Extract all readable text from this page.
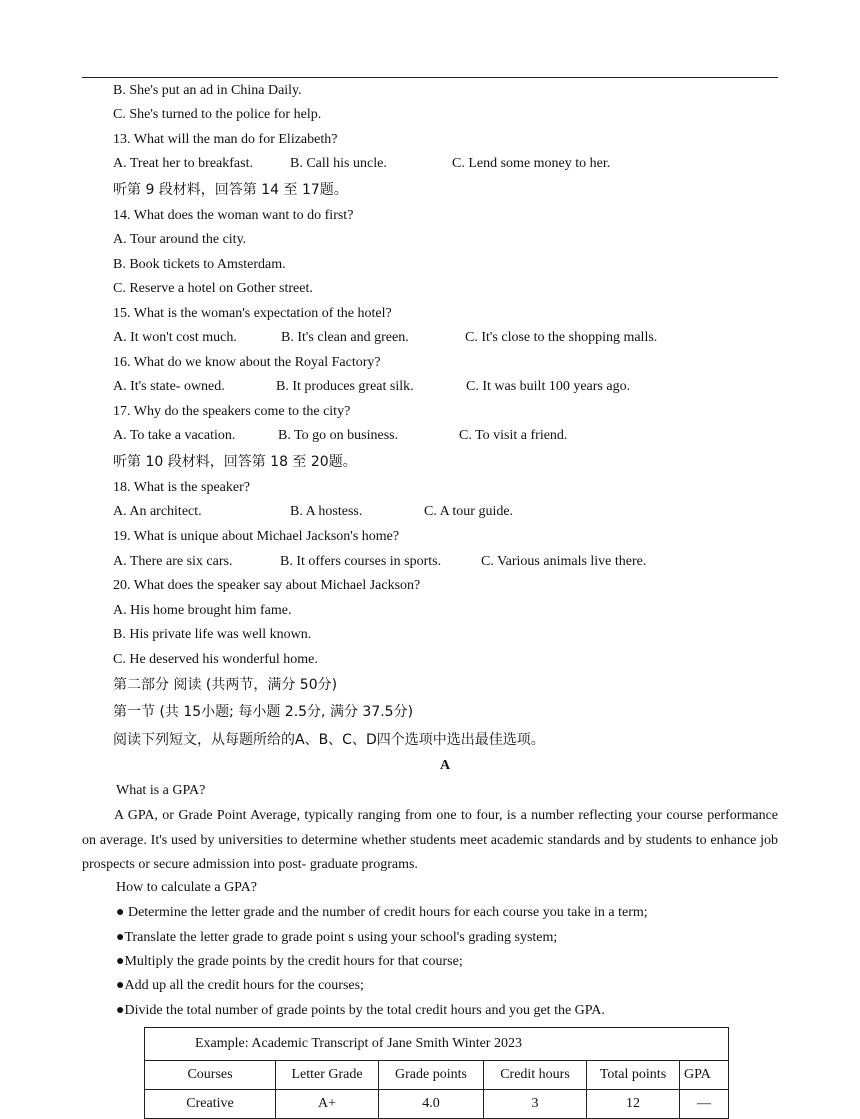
B. She's put an ad in China Daily.
C. She's turned to the police for help.
13. What will the man do for Elizabeth?
A. Treat her to breakfast.	B. Call his uncle.	C. Lend some money to her.
听第 9 段材料，回答第 14 至 17题。
14. What does the woman want to do first?
A. Tour around the city.
B. Book tickets to Amsterdam.
C. Reserve a hotel on Gother street.
15. What is the woman's expectation of the hotel?
A. It won't cost much.	B. It's clean and green.	C. It's close to the shopping malls.
16. What do we know about the Royal Factory?
A. It's state- owned.	B. It produces great silk.	C. It was built 100 years ago.
17. Why do the speakers come to the city?
A. To take a vacation.	B. To go on business.	C. To visit a friend.
听第 10 段材料，回答第 18 至 20题。
18. What is the speaker?
A. An architect.	B. A hostess.	C. A tour guide.
19. What is unique about Michael Jackson's home?
A. There are six cars.	B. It offers courses in sports.	C. Various animals live there.
20. What does the speaker say about Michael Jackson?
A. His home brought him fame.
B. His private life was well known.
C. He deserved his wonderful home.
第二部分 阅读 (共两节，满分 50分)
第一节 (共 15小题; 每小题 2.5分, 满分 37.5分)
阅读下列短文，从每题所给的A、B、C、D四个选项中选出最佳选项。
A
What is a GPA?
A GPA, or Grade Point Average, typically ranging from one to four, is a number reflecting your course performance on average. It's used by universities to determine whether students meet academic standards and by students to enhance job prospects or secure admission into post- graduate programs.
How to calculate a GPA?
● Determine the letter grade and the number of credit hours for each course you take in a term;
●Translate the letter grade to grade point s using your school's grading system;
●Multiply the grade points by the credit hours for that course;
●Add up all the credit hours for the courses;
●Divide the total number of grade points by the total credit hours and you get the GPA.
Example: Academic Transcript of Jane Smith Winter 2023					
Courses	Letter Grade	Grade points	Credit hours	Total points	GPA
Creative	A+	4.0	3	12	—
